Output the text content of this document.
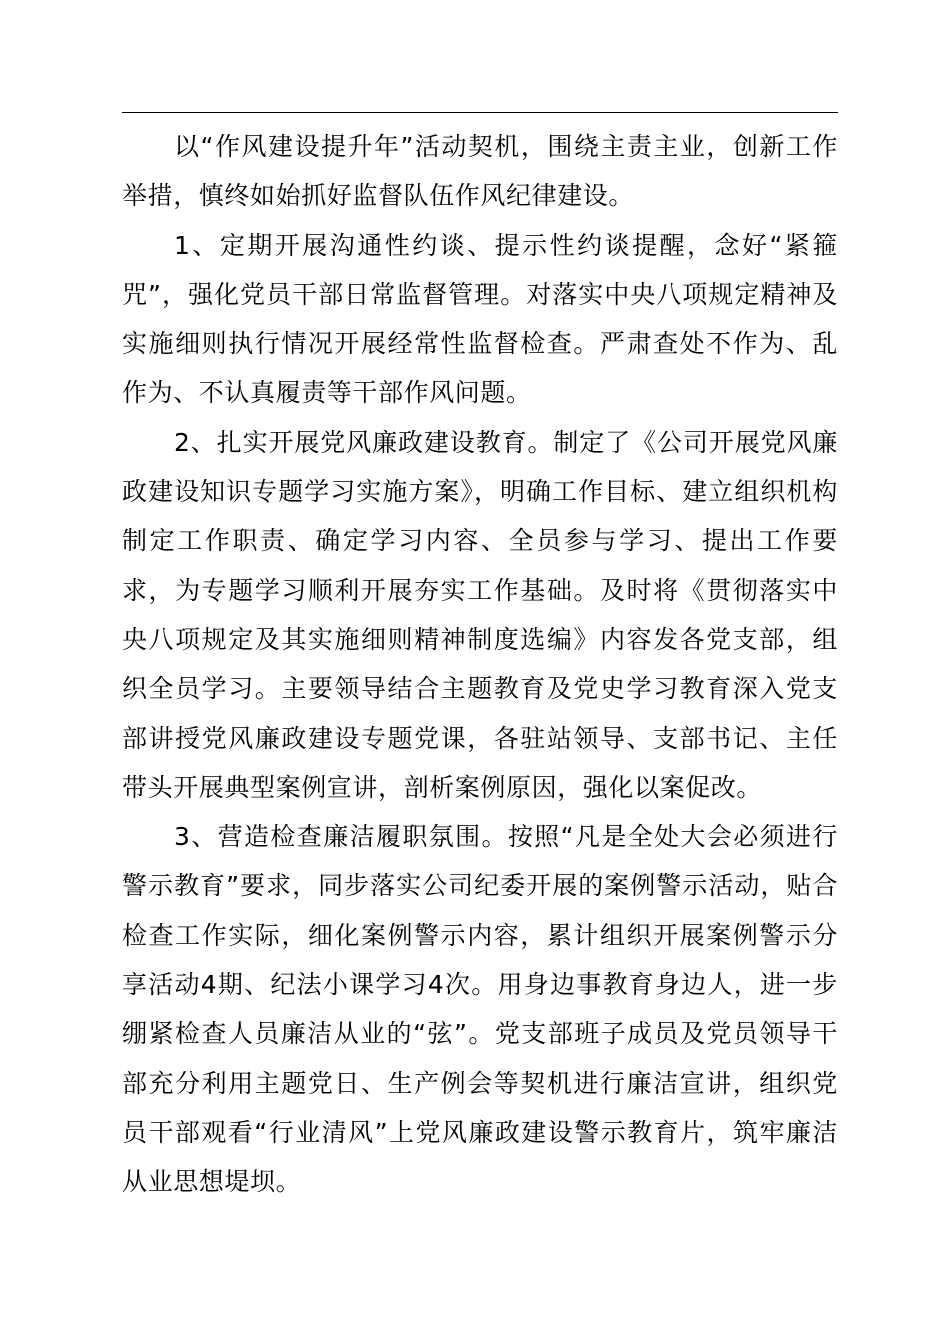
以“作风建设提升年”活动契机，围绕主责主业，创新工作举措，慎终如始抓好监督队伍作风纪律建设。

1、定期开展沟通性约谈、提示性约谈提醒，念好“紧箍咒”，强化党员干部日常监督管理。对落实中央八项规定精神及实施细则执行情况开展经常性监督检查。严肃查处不作为、乱作为、不认真履责等干部作风问题。

2、扎实开展党风廉政建设教育。制定了《公司开展党风廉政建设知识专题学习实施方案》，明确工作目标、建立组织机构制定工作职责、确定学习内容、全员参与学习、提出工作要求，为专题学习顺利开展夯实工作基础。及时将《贯彻落实中央八项规定及其实施细则精神制度选编》内容发各党支部，组织全员学习。主要领导结合主题教育及党史学习教育深入党支部讲授党风廉政建设专题党课，各驻站领导、支部书记、主任带头开展典型案例宣讲，剖析案例原因，强化以案促改。

3、营造检查廉洁履职氛围。按照“凡是全处大会必须进行警示教育”要求，同步落实公司纪委开展的案例警示活动，贴合检查工作实际，细化案例警示内容，累计组织开展案例警示分享活动4期、纪法小课学习4次。用身边事教育身边人，进一步绷紧检查人员廉洁从业的“弦”。党支部班子成员及党员领导干部充分利用主题党日、生产例会等契机进行廉洁宣讲，组织党员干部观看“行业清风”上党风廉政建设警示教育片，筑牢廉洁从业思想堤坝。
